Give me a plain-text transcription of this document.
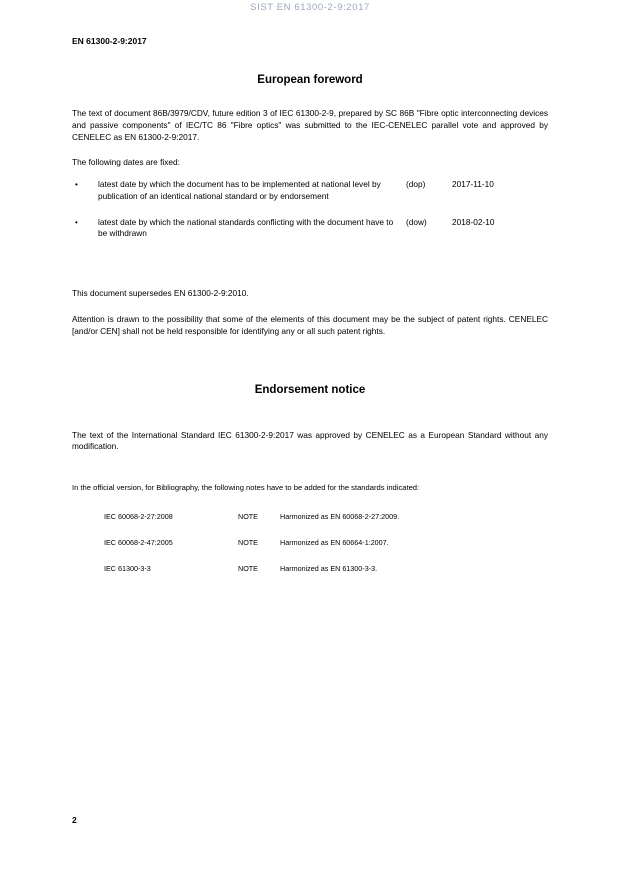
SIST EN 61300-2-9:2017
EN 61300-2-9:2017
European foreword

The text of document 86B/3979/CDV, future edition 3 of IEC 61300-2-9, prepared by SC 86B "Fibre optic interconnecting devices and passive components" of IEC/TC 86 "Fibre optics" was submitted to the IEC-CENELEC parallel vote and approved by CENELEC as EN 61300-2-9:2017.

The following dates are fixed:

• latest date by which the document has to be implemented at national level by publication of an identical national standard or by endorsement
(dop)	2017-11-10
• latest date by which the national standards conflicting with the document have to be withdrawn
(dow)	2018-02-10

This document supersedes EN 61300-2-9:2010.

Attention is drawn to the possibility that some of the elements of this document may be the subject of patent rights. CENELEC [and/or CEN] shall not be held responsible for identifying any or all such patent rights.

Endorsement notice

The text of the International Standard IEC 61300-2-9:2017 was approved by CENELEC as a European Standard without any modification.

In the official version, for Bibliography, the following notes have to be added for the standards indicated:

IEC 60068-2-27:2008	NOTE	Harmonized as EN 60068-2-27:2009.
IEC 60068-2-47:2005	NOTE	Harmonized as EN 60664-1:2007.
IEC 61300-3-3	NOTE	Harmonized as EN 61300-3-3.
2
